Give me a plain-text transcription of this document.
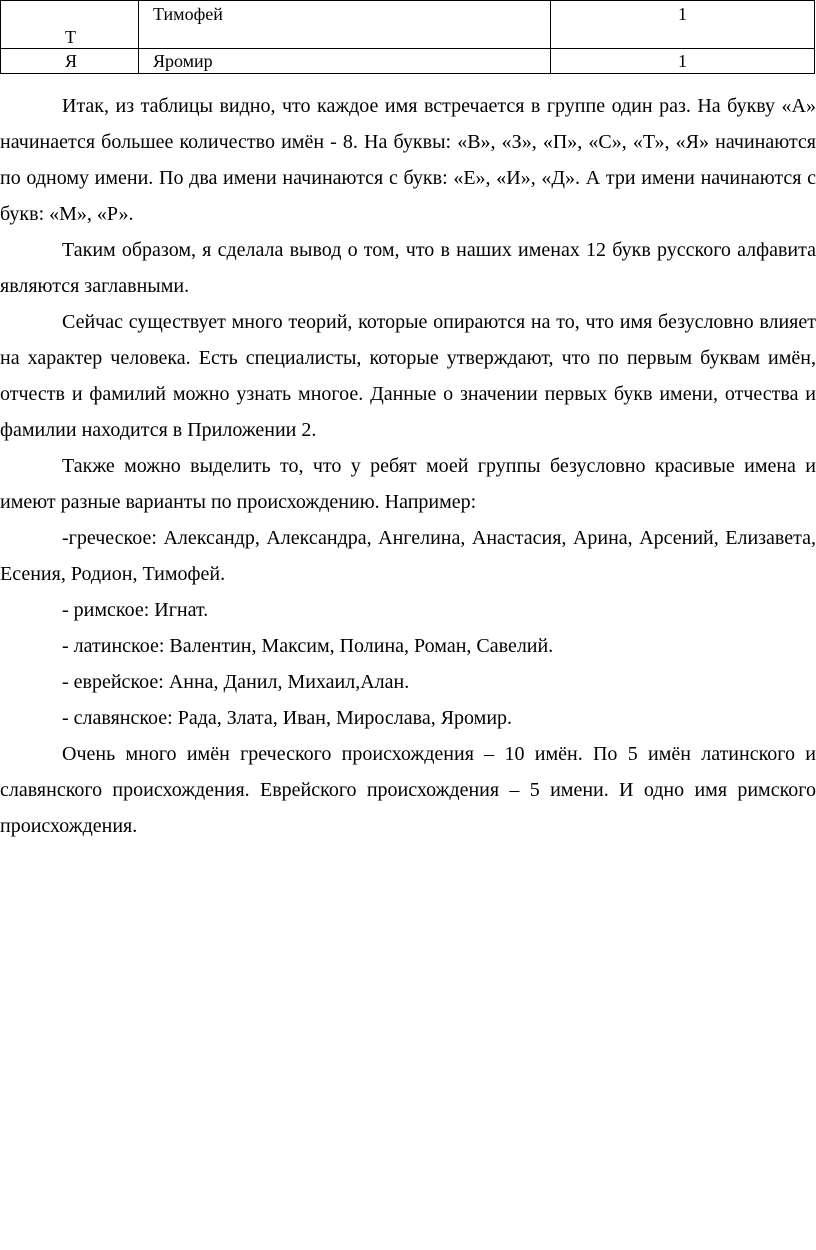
Т	Тимофей	1
Я	Яромир	1

Итак, из таблицы видно, что каждое имя встречается в группе один раз. На букву «А» начинается большее количество имён - 8. На буквы: «В», «З», «П», «С», «Т», «Я» начинаются по одному имени. По два имени начинаются с букв: «Е», «И», «Д». А три имени начинаются с букв: «М», «Р».

Таким образом, я сделала вывод о том, что в наших именах 12 букв русского алфавита являются заглавными.

Сейчас существует много теорий, которые опираются на то, что имя безусловно влияет на характер человека. Есть специалисты, которые утверждают, что по первым буквам имён, отчеств и фамилий можно узнать многое. Данные о значении первых букв имени, отчества и фамилии находится в Приложении 2.

Также можно выделить то, что у ребят моей группы безусловно красивые имена и имеют разные варианты по происхождению. Например:

-греческое: Александр, Александра, Ангелина, Анастасия, Арина, Арсений, Елизавета, Есения, Родион, Тимофей.

- римское: Игнат.

- латинское: Валентин, Максим, Полина, Роман, Савелий.

- еврейское: Анна, Данил, Михаил,Алан.

- славянское: Рада, Злата, Иван, Мирослава, Яромир.

Очень много имён греческого происхождения – 10 имён. По 5 имён латинского и славянского происхождения. Еврейского происхождения – 5 имени. И одно имя римского происхождения.
